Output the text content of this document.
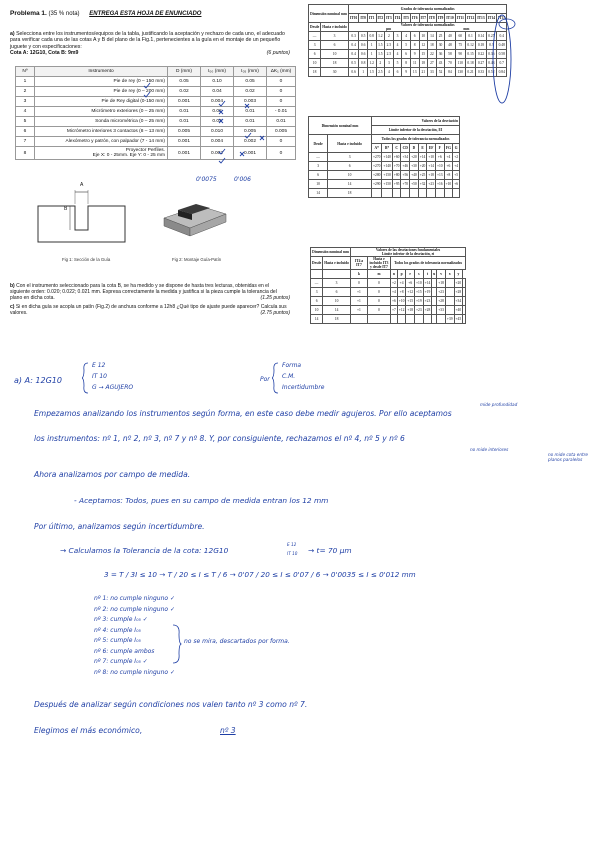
Problema 1. (35 % nota) ENTREGA ESTA HOJA DE ENUNCIADO
a) Selecciona entre los instrumentos/equipos de la tabla, justificando la aceptación y rechazo de cada uno, el adecuado para verificar cada una de las cotas A y B del plano de la Fig.1, pertenecientes a la guía en el montaje de un pequeño juguete y con especificaciones:
Cota A: 12G10, Cota B: 9m9	(6 puntos)
Nº	Instrumento	D (mm)	I₀₀ (mm)	I₀₅ (mm)	ΔK₁ (mm)
1	Pie de rey (0 – 150 mm)	0.05	0.10	0.05	0
2	Pie de rey (0 – 200 mm)	0.02	0.04	0.02	0
3	Pie de Rey digital (0-150 mm)	0.001	0.004	0.003	0
4	Micrómetro exteriores (0 – 25 mm)	0.01	0.02	0.01	- 0.01
5	Sonda micrométrica (0 – 25 mm)	0.01	0.02	0.01	0.01
6	Micrómetro interiores 3 contactos (8 – 13 mm)	0.005	0.010	0.005	0.005
7	Alexómetro y patrón, con palpador (7 - 14 mm)	0.001	0.004	0.002	0
8	Proyector Perfiles.
Eje X: 0 - 25mm. Eje Y: 0 - 25 mm	0.001	0.002	0.001	0
0'0075	0'006
A
B
Fig 1: Sección de la Guía	Fig 2: Montaje Guía-Patín
b) Con el instrumento seleccionado para la cota B, se ha medido y se dispone de hasta tres lecturas, obtenidas en el siguiente orden: 0.020; 0.022; 0.021 mm. Expresa correctamente la medida y justifica si la pieza cumple la tolerancia del plano en dicha cota.	(1.25 puntos)
c) Si en dicha guía se acopla un patín (Fig.2) de anchura conforme a 12h8 ¿Qué tipo de ajuste puede aparecer? Calcula sus valores.	(2.75 puntos)
Dimensión nominal mm		Grados de tolerancia normalizados																
		IT01	IT0	IT1	IT2	IT3	IT4	IT5	IT6	IT7	IT8	IT9	IT10	IT11	IT12	IT13	IT14	IT15
Desde	Hasta e incluido	Valores de tolerancia normalizados
µm mm																

—	3	0.3	0.5	0.8	1.2	2	3	4	6	10	14	25	40	60	0.1	0.14	0.25	0.4
3	6	0.4	0.6	1	1.5	2.5	4	5	8	12	18	30	48	75	0.12	0.18	0.3	0.48
6	10	0.4	0.6	1	1.5	2.5	4	6	9	15	22	36	58	90	0.15	0.22	0.36	0.58
10	18	0.5	0.8	1.2	2	3	5	8	11	18	27	43	70	110	0.18	0.27	0.43	0.7
18	30	0.6	1	1.5	2.5	4	6	9	13	21	33	52	84	130	0.21	0.33	0.52	0.84
Dimensión nominal mm		Valores de la desviación									
		Límite inferior de la desviación, EI									
Desde	Hasta e incluido	Todos los grados de tolerancia normalizados									
		A*	B*	C	CD	D	E	EF	F	FG	G
—	3	+270	+140	+60	+34	+20	+14	+10	+6	+4	+2
3	6	+270	+140	+70	+46	+30	+20	+14	+10	+6	+4
6	10	+280	+150	+80	+56	+40	+25	+18	+13	+8	+5
10	14	+290	+150	+95	+70	+50	+32	+23	+16	+10	+6
14	18										
Dimensión nominal mm		Valores de las desviaciones fundamentales
Límite inferior de la desviación, ei											

Desde	Hasta e incluido	IT4 a IT7	Hasta e incluido IT3 y desde IT7	Todos los grados de tolerancia normalizados									
		k	m	n	p	r	s	t	u	v	x	y	
—	3	0	0	+2	+4	+6	+10	+14		+18		+20	
3	6	+1	0	+4	+8	+12	+15	+19		+23		+28	
6	10	+1	0	+6	+10	+15	+19	+23		+28		+34	
10	14	+1	0	+7	+12	+18	+23	+28		+33		+40	
14	18										+39	+45	
a) A: 12G10
E 12
IT 10
G → AGUJERO
Por
Forma
C.M.
Incertidumbre
Empezamos analizando los instrumentos según forma, en este caso debe medir agujeros. Por ello aceptamos
mide profundidad
los instrumentos: nº 1, nº 2, nº 3, nº 7 y nº 8. Y, por consiguiente, rechazamos el nº 4, nº 5 y nº 6
no mide interiores
no mide cota entre planos paralelos
Ahora analizamos por campo de medida.
- Aceptamos: Todos, pues en su campo de medida entran los 12 mm
Por último, analizamos según incertidumbre.
→ Calculamos la Tolerancia de la cota: 12G10
E 12
IT 10 → t= 70 µm
3 = T / 3I ≤ 10 → T / 20 ≤ I ≤ T / 6 → 0'07 / 20 ≤ I ≤ 0'07 / 6 → 0'0035 ≤ I ≤ 0'012 mm
nº 1: no cumple ninguno ✓
nº 2: no cumple ninguno ✓
nº 3: cumple I₀₅ ✓
nº 4: cumple I₀₅
nº 5: cumple I₀₅
nº 6: cumple ambos
nº 7: cumple I₀₅ ✓
nº 8: no cumple ninguno ✓
no se mira, descartados por forma.
Después de analizar según condiciones nos valen tanto nº 3 como nº 7.
Elegimos el más económico,	nº 3
